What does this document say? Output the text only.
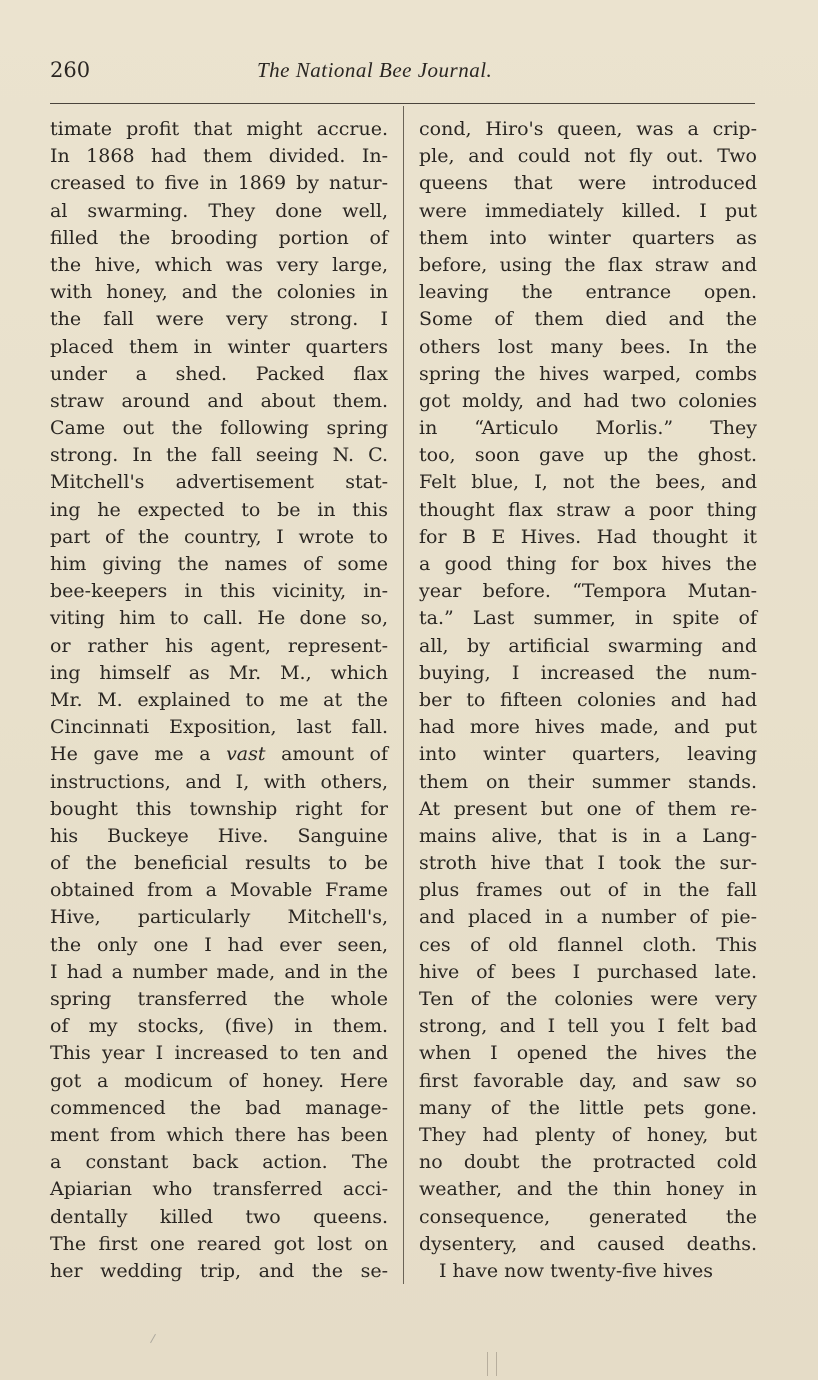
260	The National Bee Journal.
timate profit that might accrue.
In 1868 had them divided. In-
creased to five in 1869 by natur-
al swarming. They done well,
filled the brooding portion of
the hive, which was very large,
with honey, and the colonies in
the fall were very strong. I
placed them in winter quarters
under a shed. Packed flax
straw around and about them.
Came out the following spring
strong. In the fall seeing N. C.
Mitchell's advertisement stat-
ing he expected to be in this
part of the country, I wrote to
him giving the names of some
bee-keepers in this vicinity, in-
viting him to call. He done so,
or rather his agent, represent-
ing himself as Mr. M., which
Mr. M. explained to me at the
Cincinnati Exposition, last fall.
He gave me a vast amount of
instructions, and I, with others,
bought this township right for
his Buckeye Hive. Sanguine
of the beneficial results to be
obtained from a Movable Frame
Hive, particularly Mitchell's,
the only one I had ever seen,
I had a number made, and in the
spring transferred the whole
of my stocks, (five) in them.
This year I increased to ten and
got a modicum of honey. Here
commenced the bad manage-
ment from which there has been
a constant back action. The
Apiarian who transferred acci-
dentally killed two queens.
The first one reared got lost on
her wedding trip, and the se-
cond, Hiro's queen, was a crip-
ple, and could not fly out. Two
queens that were introduced
were immediately killed. I put
them into winter quarters as
before, using the flax straw and
leaving the entrance open.
Some of them died and the
others lost many bees. In the
spring the hives warped, combs
got moldy, and had two colonies
in “Articulo Morlis.” They
too, soon gave up the ghost.
Felt blue, I, not the bees, and
thought flax straw a poor thing
for B E Hives. Had thought it
a good thing for box hives the
year before. “Tempora Mutan-
ta.” Last summer, in spite of
all, by artificial swarming and
buying, I increased the num-
ber to fifteen colonies and had
had more hives made, and put
into winter quarters, leaving
them on their summer stands.
At present but one of them re-
mains alive, that is in a Lang-
stroth hive that I took the sur-
plus frames out of in the fall
and placed in a number of pie-
ces of old flannel cloth. This
hive of bees I purchased late.
Ten of the colonies were very
strong, and I tell you I felt bad
when I opened the hives the
first favorable day, and saw so
many of the little pets gone.
They had plenty of honey, but
no doubt the protracted cold
weather, and the thin honey in
consequence, generated the
dysentery, and caused deaths.
I have now twenty-five hives
